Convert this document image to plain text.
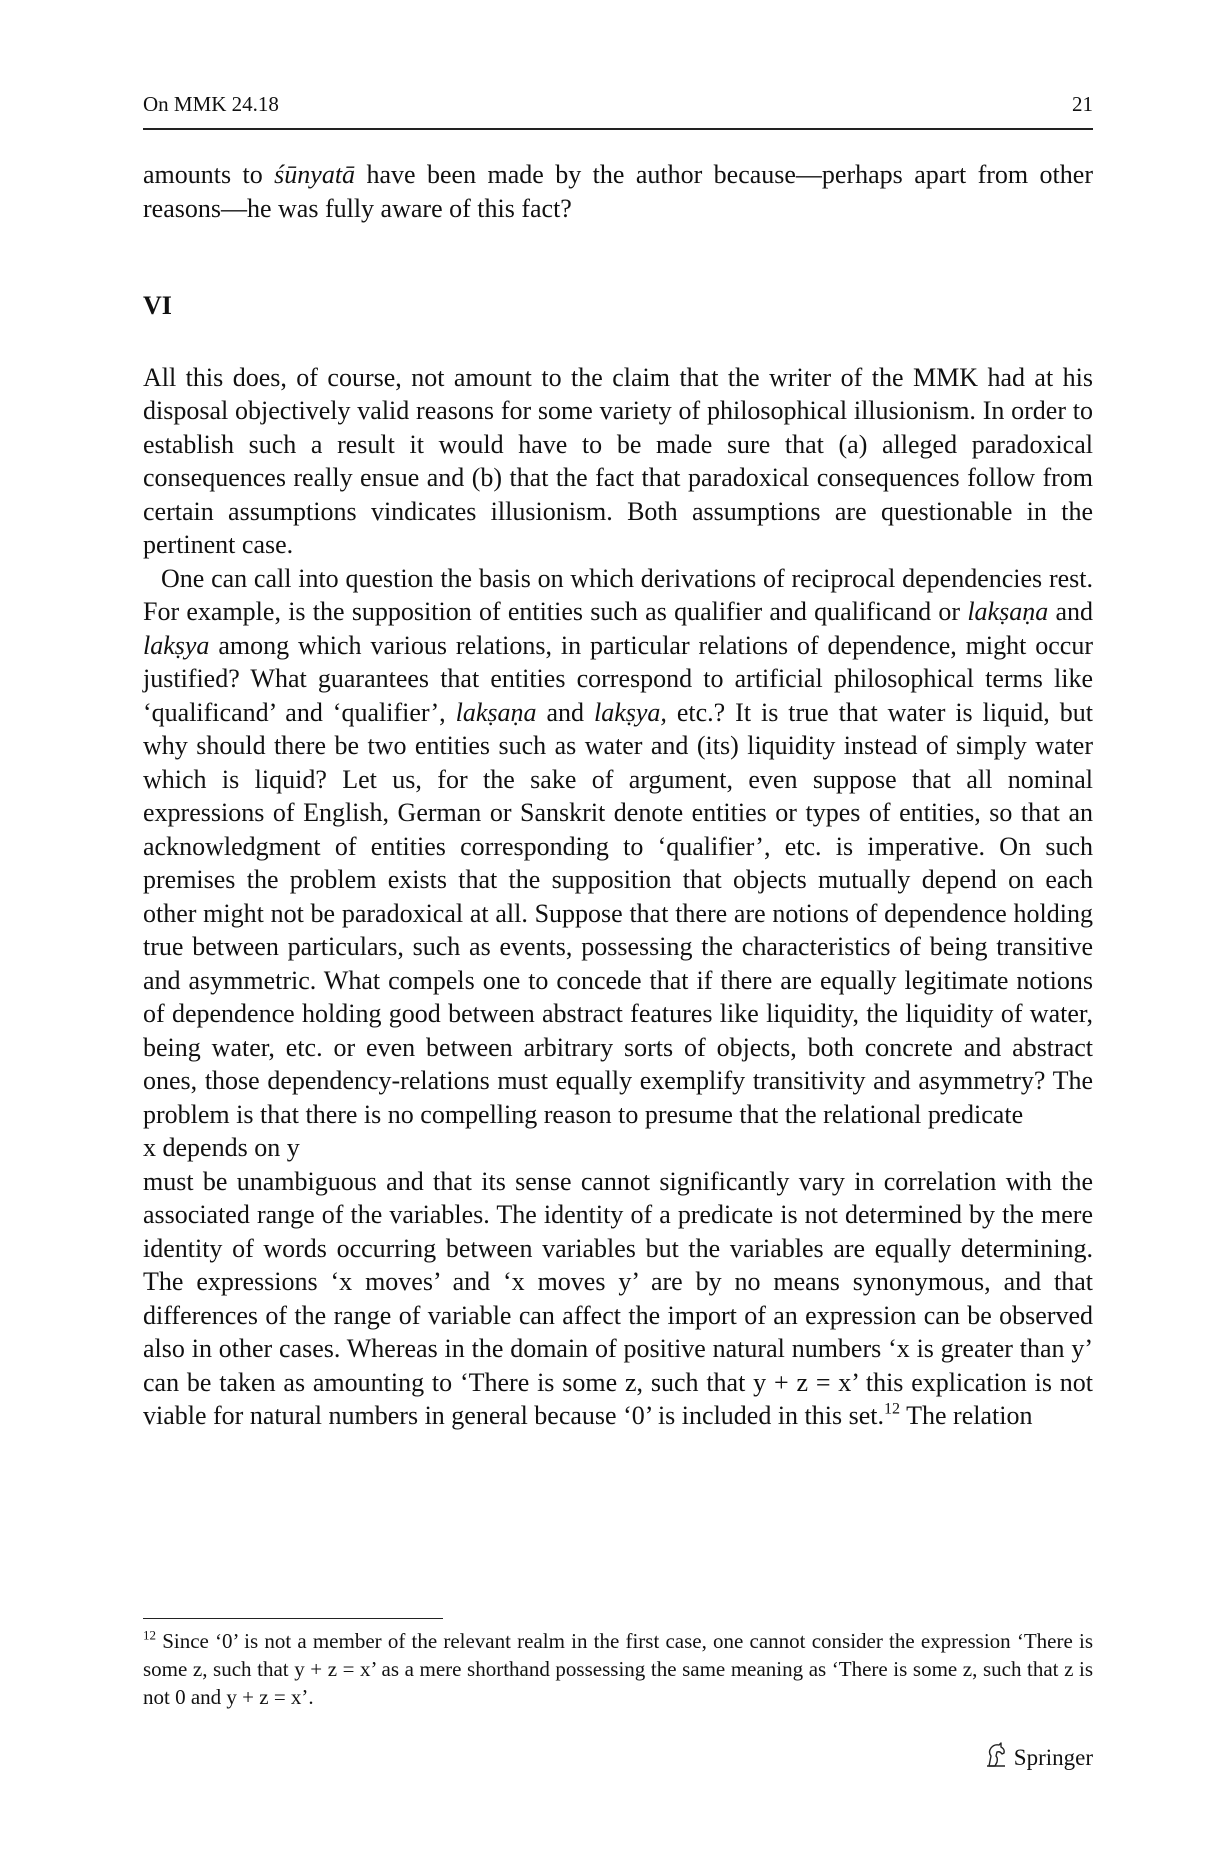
On MMK 24.18	21

amounts to śūnyatā have been made by the author because—perhaps apart from other reasons—he was fully aware of this fact?

VI

All this does, of course, not amount to the claim that the writer of the MMK had at his disposal objectively valid reasons for some variety of philosophical illusionism. In order to establish such a result it would have to be made sure that (a) alleged paradoxical consequences really ensue and (b) that the fact that paradoxical consequences follow from certain assumptions vindicates illusionism. Both assumptions are questionable in the pertinent case.

One can call into question the basis on which derivations of reciprocal dependencies rest. For example, is the supposition of entities such as qualifier and qualificand or lakṣaṇa and lakṣya among which various relations, in particular relations of dependence, might occur justified? What guarantees that entities correspond to artificial philosophical terms like ‘qualificand’ and ‘qualifier’, lakṣaṇa and lakṣya, etc.? It is true that water is liquid, but why should there be two entities such as water and (its) liquidity instead of simply water which is liquid? Let us, for the sake of argument, even suppose that all nominal expressions of English, German or Sanskrit denote entities or types of entities, so that an acknowledgment of entities corresponding to ‘qualifier’, etc. is imperative. On such premises the problem exists that the supposition that objects mutually depend on each other might not be paradoxical at all. Suppose that there are notions of dependence holding true between particulars, such as events, possessing the characteristics of being transitive and asymmetric. What compels one to concede that if there are equally legitimate notions of dependence holding good between abstract features like liquidity, the liquidity of water, being water, etc. or even between arbitrary sorts of objects, both concrete and abstract ones, those dependency-relations must equally exemplify transitivity and asymmetry? The problem is that there is no compelling reason to presume that the relational predicate

x depends on y

must be unambiguous and that its sense cannot significantly vary in correlation with the associated range of the variables. The identity of a predicate is not determined by the mere identity of words occurring between variables but the variables are equally determining. The expressions ‘x moves’ and ‘x moves y’ are by no means synonymous, and that differences of the range of variable can affect the import of an expression can be observed also in other cases. Whereas in the domain of positive natural numbers ‘x is greater than y’ can be taken as amounting to ‘There is some z, such that y + z = x’ this explication is not viable for natural numbers in general because ‘0’ is included in this set.$^{12}$ The relation

$^{12}$ Since ‘0’ is not a member of the relevant realm in the first case, one cannot consider the expression ‘There is some z, such that y + z = x’ as a mere shorthand possessing the same meaning as ‘There is some z, such that z is not 0 and y + z = x’.

Springer
